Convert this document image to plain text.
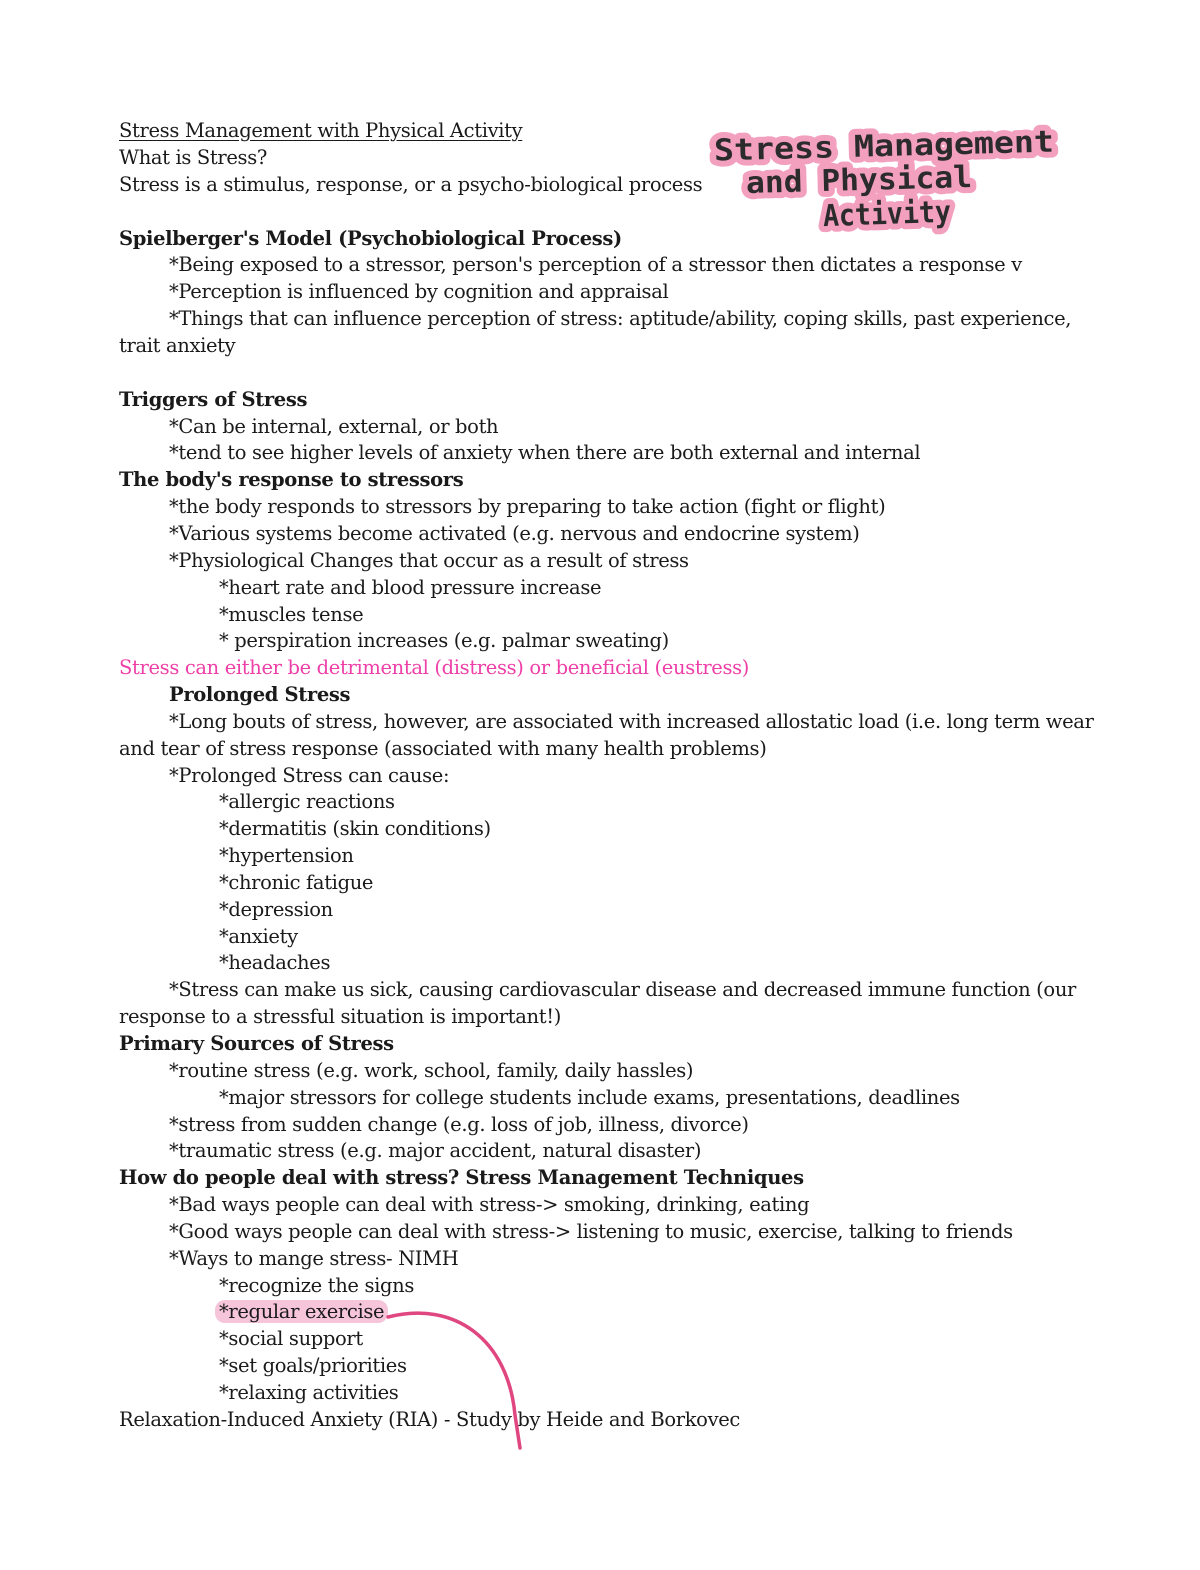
Stress Management with Physical Activity
What is Stress?
Stress is a stimulus, response, or a psycho-biological process
Spielberger's Model (Psychobiological Process)
*Being exposed to a stressor, person's perception of a stressor then dictates a response v
*Perception is influenced by cognition and appraisal
*Things that can influence perception of stress: aptitude/ability, coping skills, past experience,
trait anxiety
Triggers of Stress
*Can be internal, external, or both
*tend to see higher levels of anxiety when there are both external and internal
The body's response to stressors
*the body responds to stressors by preparing to take action (fight or flight)
*Various systems become activated (e.g. nervous and endocrine system)
*Physiological Changes that occur as a result of stress
*heart rate and blood pressure increase
*muscles tense
* perspiration increases (e.g. palmar sweating)
Stress can either be detrimental (distress) or beneficial (eustress)
Prolonged Stress
*Long bouts of stress, however, are associated with increased allostatic load (i.e. long term wear
and tear of stress response (associated with many health problems)
*Prolonged Stress can cause:
*allergic reactions
*dermatitis (skin conditions)
*hypertension
*chronic fatigue
*depression
*anxiety
*headaches
*Stress can make us sick, causing cardiovascular disease and decreased immune function (our
response to a stressful situation is important!)
Primary Sources of Stress
*routine stress (e.g. work, school, family, daily hassles)
*major stressors for college students include exams, presentations, deadlines
*stress from sudden change (e.g. loss of job, illness, divorce)
*traumatic stress (e.g. major accident, natural disaster)
How do people deal with stress? Stress Management Techniques
*Bad ways people can deal with stress-> smoking, drinking, eating
*Good ways people can deal with stress-> listening to music, exercise, talking to friends
*Ways to mange stress- NIMH
*recognize the signs
*regular exercise
*social support
*set goals/priorities
*relaxing activities
Relaxation-Induced Anxiety (RIA) - Study by Heide and Borkovec
Stress Management
and Physical
Activity
